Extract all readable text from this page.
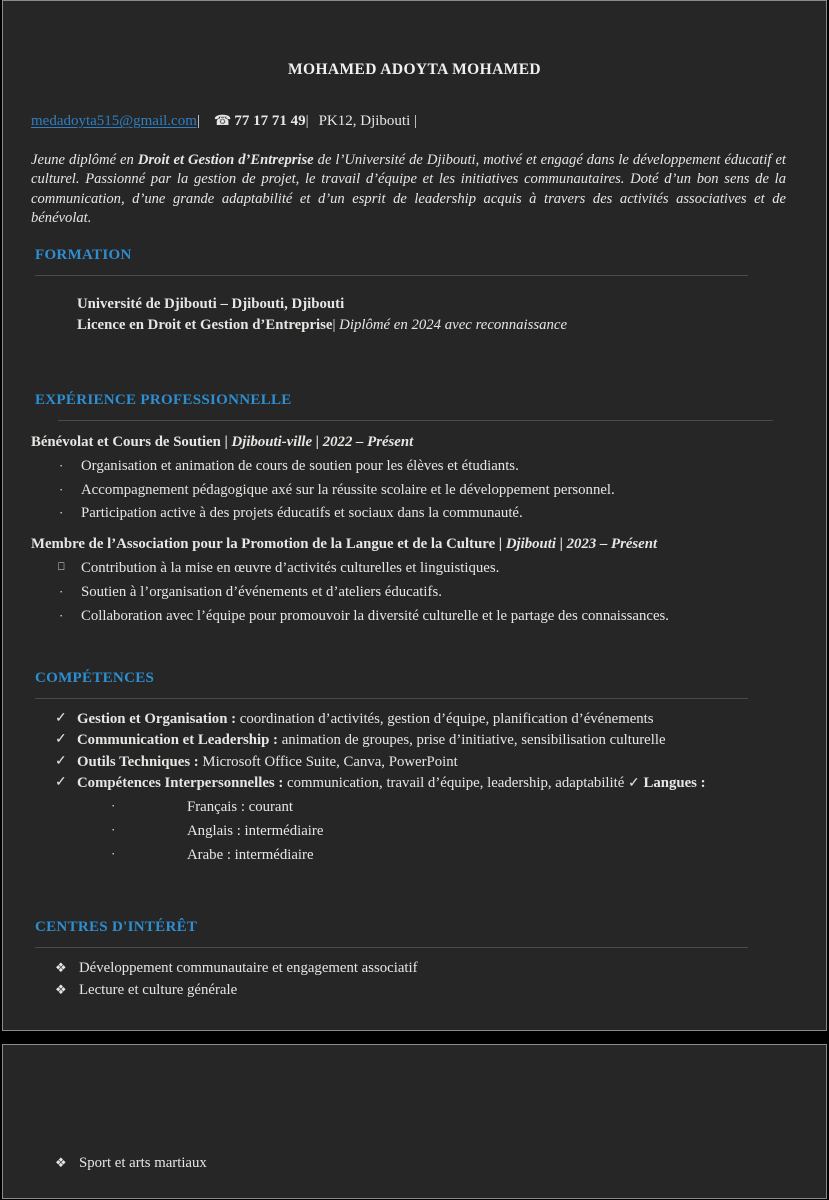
MOHAMED ADOYTA MOHAMED
medadoyta515@gmail.com| ☎ 77 17 71 49| PK12, Djibouti |

Jeune diplômé en Droit et Gestion d’Entreprise de l’Université de Djibouti, motivé et engagé dans le développement éducatif et culturel. Passionné par la gestion de projet, le travail d’équipe et les initiatives communautaires. Doté d’un bon sens de la communication, d’une grande adaptabilité et d’un esprit de leadership acquis à travers des activités associatives et de bénévolat.

FORMATION
Université de Djibouti – Djibouti, Djibouti
Licence en Droit et Gestion d’Entreprise| Diplômé en 2024 avec reconnaissance
EXPÉRIENCE PROFESSIONNELLE
Bénévolat et Cours de Soutien | Djibouti-ville | 2022 – Présent
· Organisation et animation de cours de soutien pour les élèves et étudiants.
· Accompagnement pédagogique axé sur la réussite scolaire et le développement personnel.
· Participation active à des projets éducatifs et sociaux dans la communauté.
Membre de l’Association pour la Promotion de la Langue et de la Culture | Djibouti | 2023 – Présent
⎕ Contribution à la mise en œuvre d’activités culturelles et linguistiques.
· Soutien à l’organisation d’événements et d’ateliers éducatifs.
· Collaboration avec l’équipe pour promouvoir la diversité culturelle et le partage des connaissances.
COMPÉTENCES
✓ Gestion et Organisation : coordination d’activités, gestion d’équipe, planification d’événements
✓ Communication et Leadership : animation de groupes, prise d’initiative, sensibilisation culturelle
✓ Outils Techniques : Microsoft Office Suite, Canva, PowerPoint
✓ Compétences Interpersonnelles : communication, travail d’équipe, leadership, adaptabilité ✓ Langues :
·	Français : courant
·	Anglais : intermédiaire
·	Arabe : intermédiaire
CENTRES D'INTÉRÊT
❖ Développement communautaire et engagement associatif
❖ Lecture et culture générale
❖ Sport et arts martiaux
